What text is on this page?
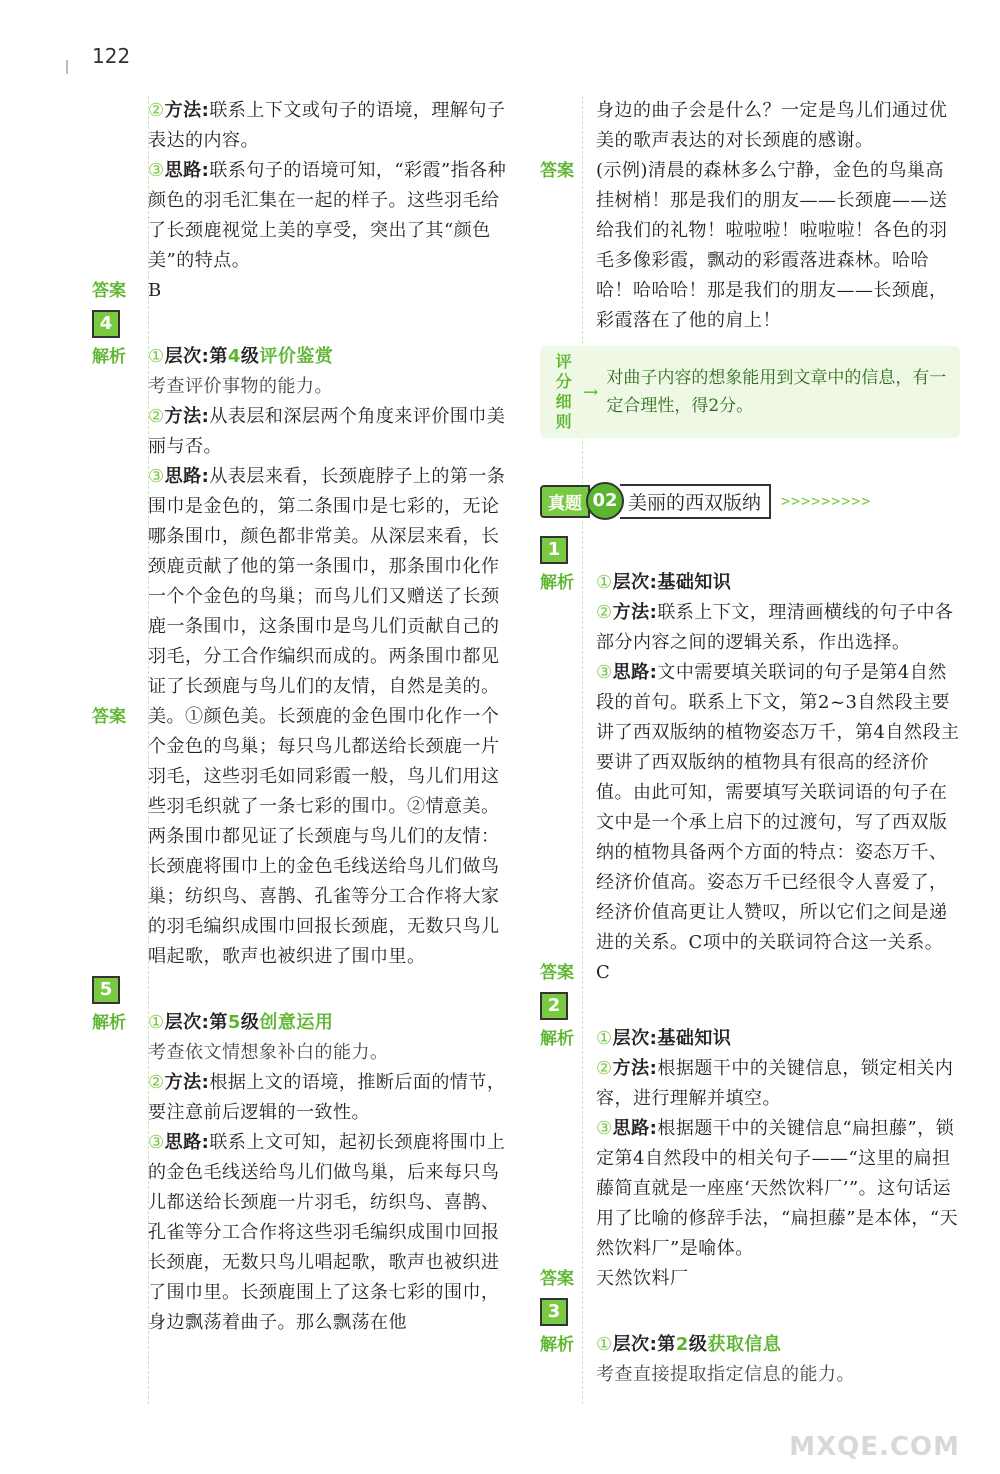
122

②方法:联系上下文或句子的语境，理解句子表达的内容。

③思路:联系句子的语境可知，“彩霞”指各种颜色的羽毛汇集在一起的样子。这些羽毛给了长颈鹿视觉上美的享受，突出了其“颜色美”的特点。

答案	B
4
解析	①层次:第4级评价鉴赏

考查评价事物的能力。

②方法:从表层和深层两个角度来评价围巾美丽与否。

③思路:从表层来看，长颈鹿脖子上的第一条围巾是金色的，第二条围巾是七彩的，无论哪条围巾，颜色都非常美。从深层来看，长颈鹿贡献了他的第一条围巾，那条围巾化作一个个金色的鸟巢；而鸟儿们又赠送了长颈鹿一条围巾，这条围巾是鸟儿们贡献自己的羽毛，分工合作编织而成的。两条围巾都见证了长颈鹿与鸟儿们的友情，自然是美的。

答案	美。①颜色美。长颈鹿的金色围巾化作一个个金色的鸟巢；每只鸟儿都送给长颈鹿一片羽毛，这些羽毛如同彩霞一般，鸟儿们用这些羽毛织就了一条七彩的围巾。②情意美。两条围巾都见证了长颈鹿与鸟儿们的友情：长颈鹿将围巾上的金色毛线送给鸟儿们做鸟巢；纺织鸟、喜鹊、孔雀等分工合作将大家的羽毛编织成围巾回报长颈鹿，无数只鸟儿唱起歌，歌声也被织进了围巾里。
5
解析	①层次:第5级创意运用

考查依文情想象补白的能力。

②方法:根据上文的语境，推断后面的情节，要注意前后逻辑的一致性。

③思路:联系上文可知，起初长颈鹿将围巾上的金色毛线送给鸟儿们做鸟巢，后来每只鸟儿都送给长颈鹿一片羽毛，纺织鸟、喜鹊、孔雀等分工合作将这些羽毛编织成围巾回报长颈鹿，无数只鸟儿唱起歌，歌声也被织进了围巾里。长颈鹿围上了这条七彩的围巾，身边飘荡着曲子。那么飘荡在他

身边的曲子会是什么？一定是鸟儿们通过优美的歌声表达的对长颈鹿的感谢。
答案	(示例)清晨的森林多么宁静，金色的鸟巢高挂树梢！那是我们的朋友——长颈鹿——送给我们的礼物！啦啦啦！啦啦啦！各色的羽毛多像彩霞，飘动的彩霞落进森林。哈哈哈！哈哈哈！那是我们的朋友——长颈鹿，彩霞落在了他的肩上！
评分
细则
→
对曲子内容的想象能用到文章中的信息，有一定合理性，得2分。
真题 02 美丽的西双版纳	>>>>>>>>>
1
解析	①层次:基础知识

②方法:联系上下文，理清画横线的句子中各部分内容之间的逻辑关系，作出选择。

③思路:文中需要填关联词的句子是第4自然段的首句。联系上下文，第2~3自然段主要讲了西双版纳的植物姿态万千，第4自然段主要讲了西双版纳的植物具有很高的经济价值。由此可知，需要填写关联词语的句子在文中是一个承上启下的过渡句，写了西双版纳的植物具备两个方面的特点：姿态万千、经济价值高。姿态万千已经很令人喜爱了，经济价值高更让人赞叹，所以它们之间是递进的关系。C项中的关联词符合这一关系。

答案	C
2
解析	①层次:基础知识

②方法:根据题干中的关键信息，锁定相关内容，进行理解并填空。

③思路:根据题干中的关键信息“扁担藤”，锁定第4自然段中的相关句子——“这里的扁担藤简直就是一座座‘天然饮料厂’”。这句话运用了比喻的修辞手法，“扁担藤”是本体，“天然饮料厂”是喻体。

答案	天然饮料厂
3
解析	①层次:第2级获取信息

考查直接提取指定信息的能力。

MXQE.COM
